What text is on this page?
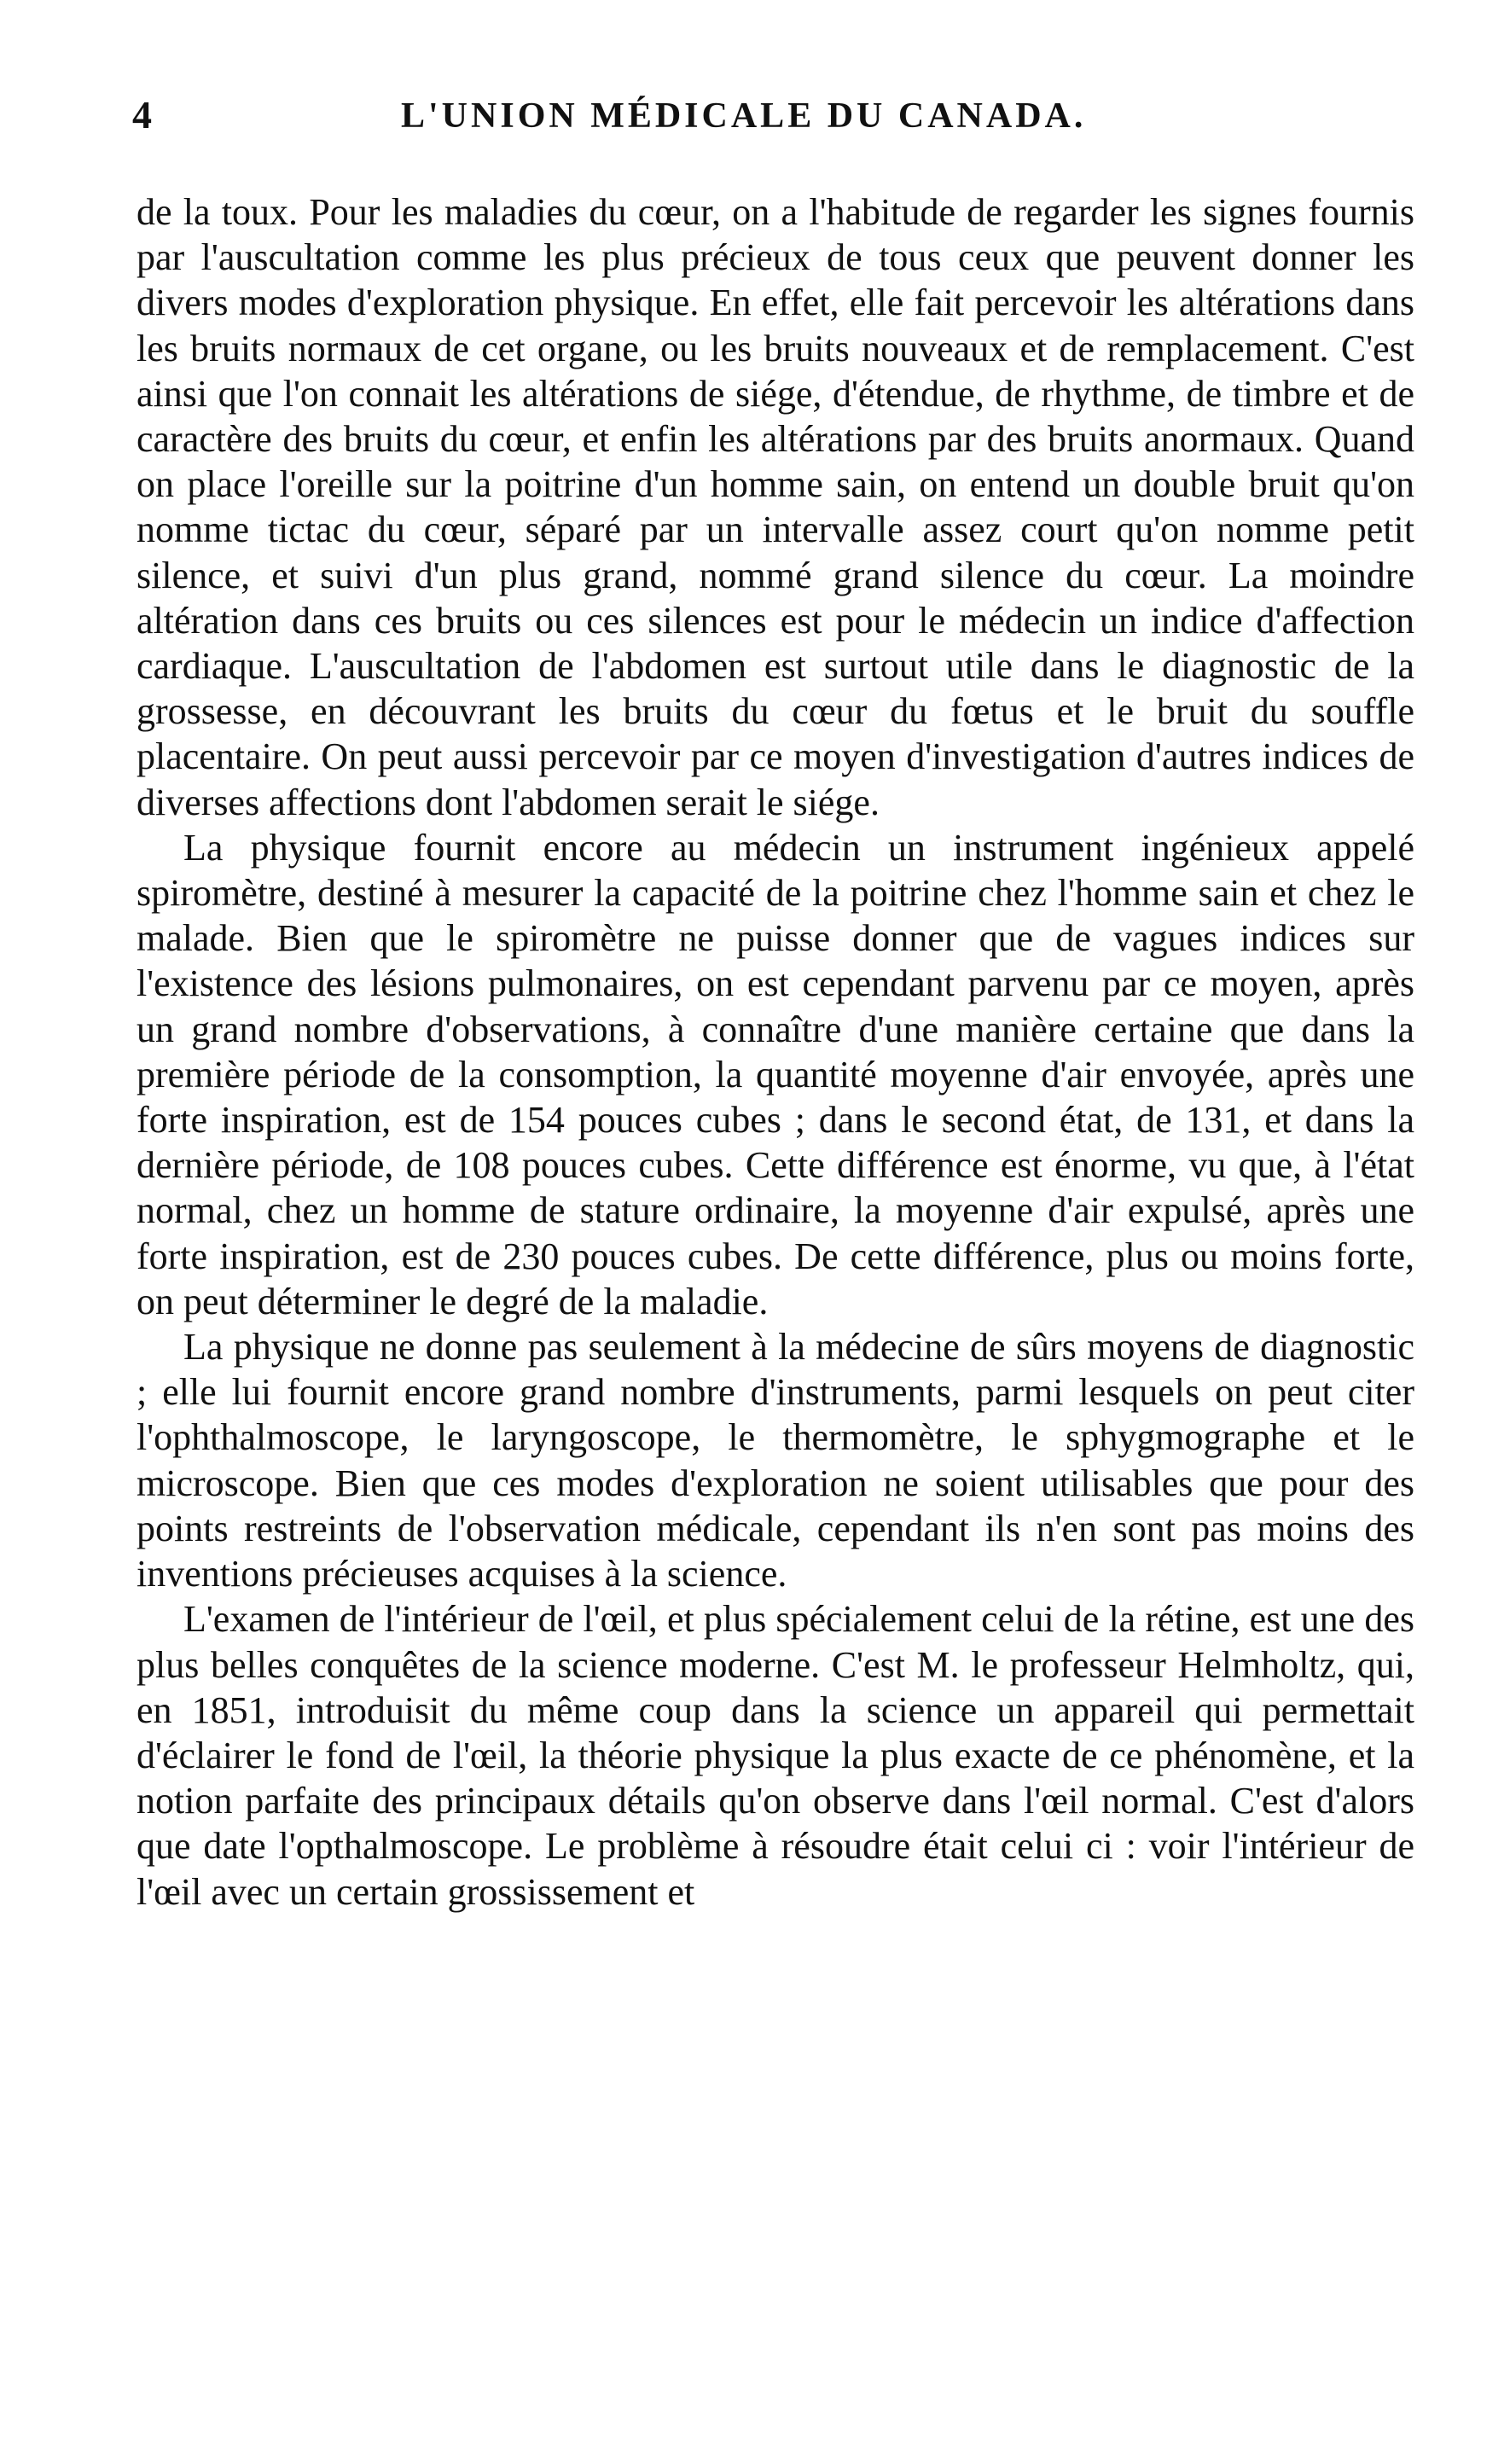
4	L'UNION MÉDICALE DU CANADA.

de la toux. Pour les maladies du cœur, on a l'habitude de regarder les signes fournis par l'auscultation comme les plus précieux de tous ceux que peuvent donner les divers modes d'exploration physique. En effet, elle fait percevoir les altérations dans les bruits normaux de cet organe, ou les bruits nouveaux et de remplacement. C'est ainsi que l'on connait les altérations de siége, d'étendue, de rhythme, de timbre et de caractère des bruits du cœur, et enfin les altérations par des bruits anormaux. Quand on place l'oreille sur la poitrine d'un homme sain, on entend un double bruit qu'on nomme tictac du cœur, séparé par un intervalle assez court qu'on nomme petit silence, et suivi d'un plus grand, nommé grand silence du cœur. La moindre altération dans ces bruits ou ces silences est pour le médecin un indice d'affection cardiaque. L'auscultation de l'abdomen est surtout utile dans le diagnostic de la grossesse, en découvrant les bruits du cœur du fœtus et le bruit du souffle placentaire. On peut aussi percevoir par ce moyen d'investigation d'autres indices de diverses affections dont l'abdomen serait le siége.

La physique fournit encore au médecin un instrument ingénieux appelé spiromètre, destiné à mesurer la capacité de la poitrine chez l'homme sain et chez le malade. Bien que le spiromètre ne puisse donner que de vagues indices sur l'existence des lésions pulmonaires, on est cependant parvenu par ce moyen, après un grand nombre d'observations, à connaître d'une manière certaine que dans la première période de la consomption, la quantité moyenne d'air envoyée, après une forte inspiration, est de 154 pouces cubes ; dans le second état, de 131, et dans la dernière période, de 108 pouces cubes. Cette différence est énorme, vu que, à l'état normal, chez un homme de stature ordinaire, la moyenne d'air expulsé, après une forte inspiration, est de 230 pouces cubes. De cette différence, plus ou moins forte, on peut déterminer le degré de la maladie.

La physique ne donne pas seulement à la médecine de sûrs moyens de diagnostic ; elle lui fournit encore grand nombre d'instruments, parmi lesquels on peut citer l'ophthalmoscope, le laryngoscope, le thermomètre, le sphygmographe et le microscope. Bien que ces modes d'exploration ne soient utilisables que pour des points restreints de l'observation médicale, cependant ils n'en sont pas moins des inventions précieuses acquises à la science.

L'examen de l'intérieur de l'œil, et plus spécialement celui de la rétine, est une des plus belles conquêtes de la science moderne. C'est M. le professeur Helmholtz, qui, en 1851, introduisit du même coup dans la science un appareil qui permettait d'éclairer le fond de l'œil, la théorie physique la plus exacte de ce phénomène, et la notion parfaite des principaux détails qu'on observe dans l'œil normal. C'est d'alors que date l'opthalmoscope. Le problème à résoudre était celui ci : voir l'intérieur de l'œil avec un certain grossissement et
